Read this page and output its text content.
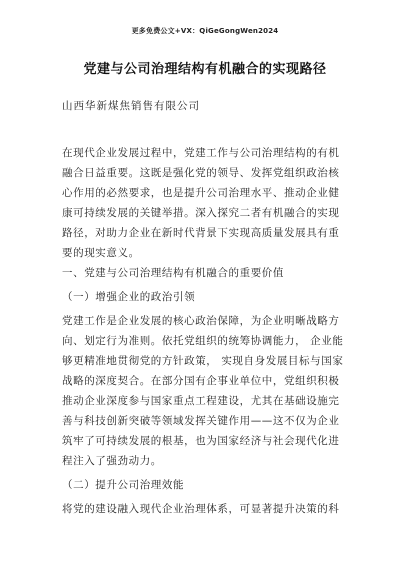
更多免费公文+VX：QiGeGongWen2024
党建与公司治理结构有机融合的实现路径
山西华新煤焦销售有限公司
在现代企业发展过程中，党建工作与公司治理结构的有机
融合日益重要。这既是强化党的领导、发挥党组织政治核
心作用的必然要求，也是提升公司治理水平、推动企业健
康可持续发展的关键举措。深入探究二者有机融合的实现
路径，对助力企业在新时代背景下实现高质量发展具有重
要的现实意义。
一、党建与公司治理结构有机融合的重要价值
（一）增强企业的政治引领
党建工作是企业发展的核心政治保障，为企业明晰战略方
向、划定行为准则。依托党组织的统筹协调能力， 企业能
够更精准地贯彻党的方针政策， 实现自身发展目标与国家
战略的深度契合。在部分国有企事业单位中，党组织积极
推动企业深度参与国家重点工程建设，尤其在基础设施完
善与科技创新突破等领域发挥关键作用——这不仅为企业
筑牢了可持续发展的根基，也为国家经济与社会现代化进
程注入了强劲动力。
（二）提升公司治理效能
将党的建设融入现代企业治理体系，可显著提升决策的科
